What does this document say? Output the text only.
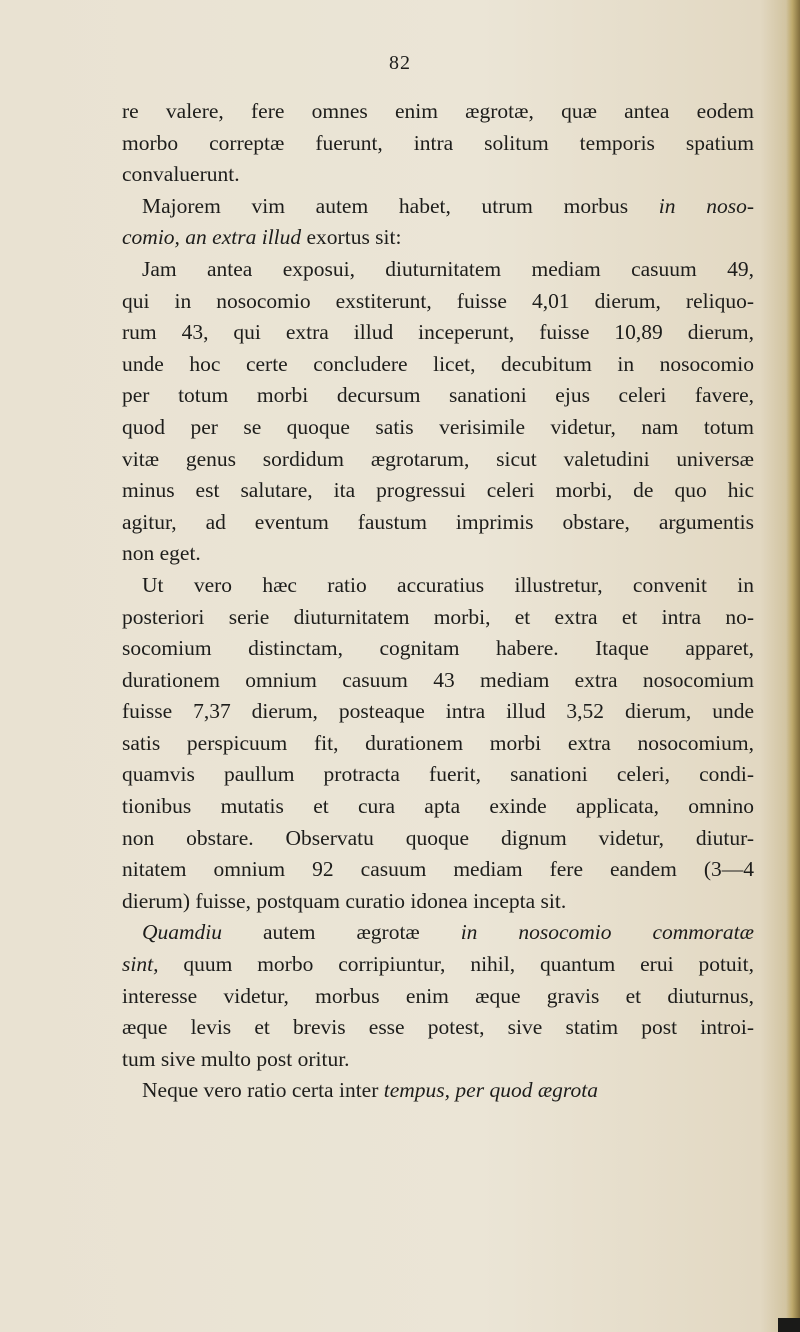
82
re valere, fere omnes enim ægrotæ, quæ antea eodem
morbo correptæ fuerunt, intra solitum temporis spatium
convaluerunt.
Majorem vim autem habet, utrum morbus in noso-
comio, an extra illud exortus sit:
Jam antea exposui, diuturnitatem mediam casuum 49,
qui in nosocomio exstiterunt, fuisse 4,01 dierum, reliquo-
rum 43, qui extra illud inceperunt, fuisse 10,89 dierum,
unde hoc certe concludere licet, decubitum in nosocomio
per totum morbi decursum sanationi ejus celeri favere,
quod per se quoque satis verisimile videtur, nam totum
vitæ genus sordidum ægrotarum, sicut valetudini universæ
minus est salutare, ita progressui celeri morbi, de quo hic
agitur, ad eventum faustum imprimis obstare, argumentis
non eget.
Ut vero hæc ratio accuratius illustretur, convenit in
posteriori serie diuturnitatem morbi, et extra et intra no-
socomium distinctam, cognitam habere. Itaque apparet,
durationem omnium casuum 43 mediam extra nosocomium
fuisse 7,37 dierum, posteaque intra illud 3,52 dierum, unde
satis perspicuum fit, durationem morbi extra nosocomium,
quamvis paullum protracta fuerit, sanationi celeri, condi-
tionibus mutatis et cura apta exinde applicata, omnino
non obstare. Observatu quoque dignum videtur, diutur-
nitatem omnium 92 casuum mediam fere eandem (3—4
dierum) fuisse, postquam curatio idonea incepta sit.
Quamdiu autem ægrotæ in nosocomio commoratæ
sint, quum morbo corripiuntur, nihil, quantum erui potuit,
interesse videtur, morbus enim æque gravis et diuturnus,
æque levis et brevis esse potest, sive statim post introi-
tum sive multo post oritur.
Neque vero ratio certa inter tempus, per quod ægrota
